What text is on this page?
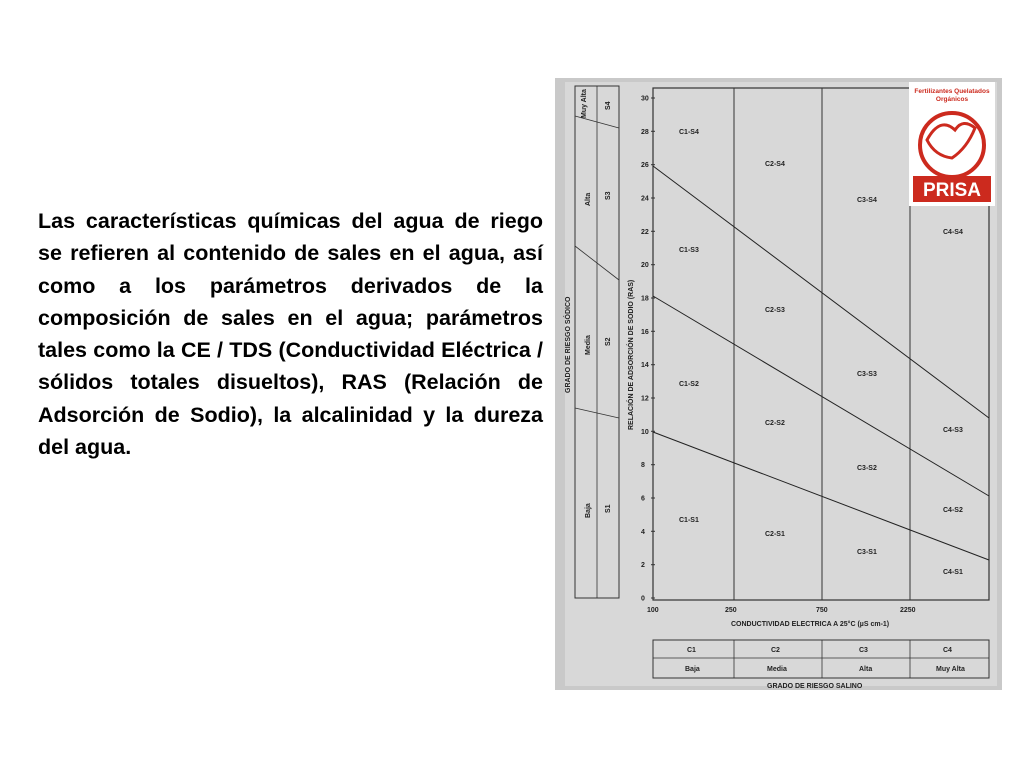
Las características químicas del agua de riego se refieren al contenido de sales en el agua, así como a los parámetros derivados de la composición de sales en el agua; parámetros tales como la CE / TDS (Conductividad Eléctrica / sólidos totales disueltos), RAS (Relación de Adsorción de Sodio), la alcalinidad y la dureza del agua.

Muy Alta S4
Alta S3
Media S2
Baja S1
GRADO DE RIESGO SÓDICO	RELACIÓN DE ADSORCIÓN DE SODIO (RAS)
0
2
4
6
8
10
12
14
16
18
20
22
24
26
28
30
100	250	750	2250
CONDUCTIVIDAD ELECTRICA A 25°C (µS cm-1)
C1-S4
C1-S3
C1-S2
C1-S1
C2-S4
C2-S3
C2-S2
C2-S1
C3-S4
C3-S3
C3-S2
C3-S1
C4-S4
C4-S3
C4-S2
C4-S1
C1	C2	C3	C4
Baja	Media	Alta	Muy Alta
GRADO DE RIESGO SALINO
Fertilizantes Quelatados
Orgánicos
PRISA
